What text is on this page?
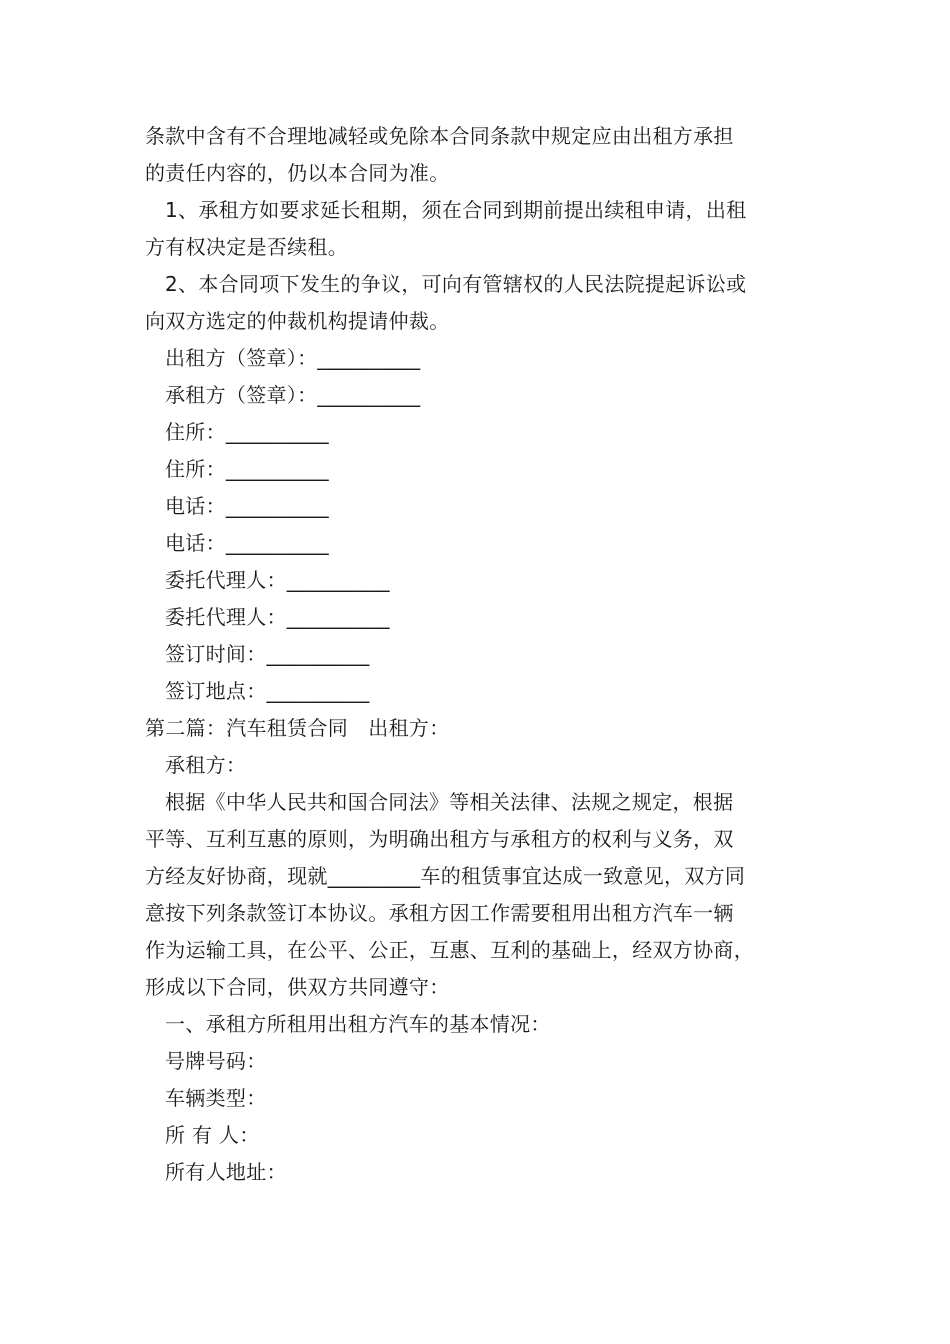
条款中含有不合理地减轻或免除本合同条款中规定应由出租方承担
的责任内容的，仍以本合同为准。
1、承租方如要求延长租期，须在合同到期前提出续租申请，出租
方有权决定是否续租。
2、本合同项下发生的争议，可向有管辖权的人民法院提起诉讼或
向双方选定的仲裁机构提请仲裁。
出租方（签章）：__________
承租方（签章）：__________
住所：__________
住所：__________
电话：__________
电话：__________
委托代理人：__________
委托代理人：__________
签订时间：__________
签订地点：__________
第二篇：汽车租赁合同　出租方：
承租方：
根据《中华人民共和国合同法》等相关法律、法规之规定，根据
平等、互利互惠的原则，为明确出租方与承租方的权利与义务，双
方经友好协商，现就_________车的租赁事宜达成一致意见，双方同
意按下列条款签订本协议。承租方因工作需要租用出租方汽车一辆
作为运输工具，在公平、公正，互惠、互利的基础上，经双方协商，
形成以下合同，供双方共同遵守：
一、承租方所租用出租方汽车的基本情况：
号牌号码：
车辆类型：
所 有 人：
所有人地址：
